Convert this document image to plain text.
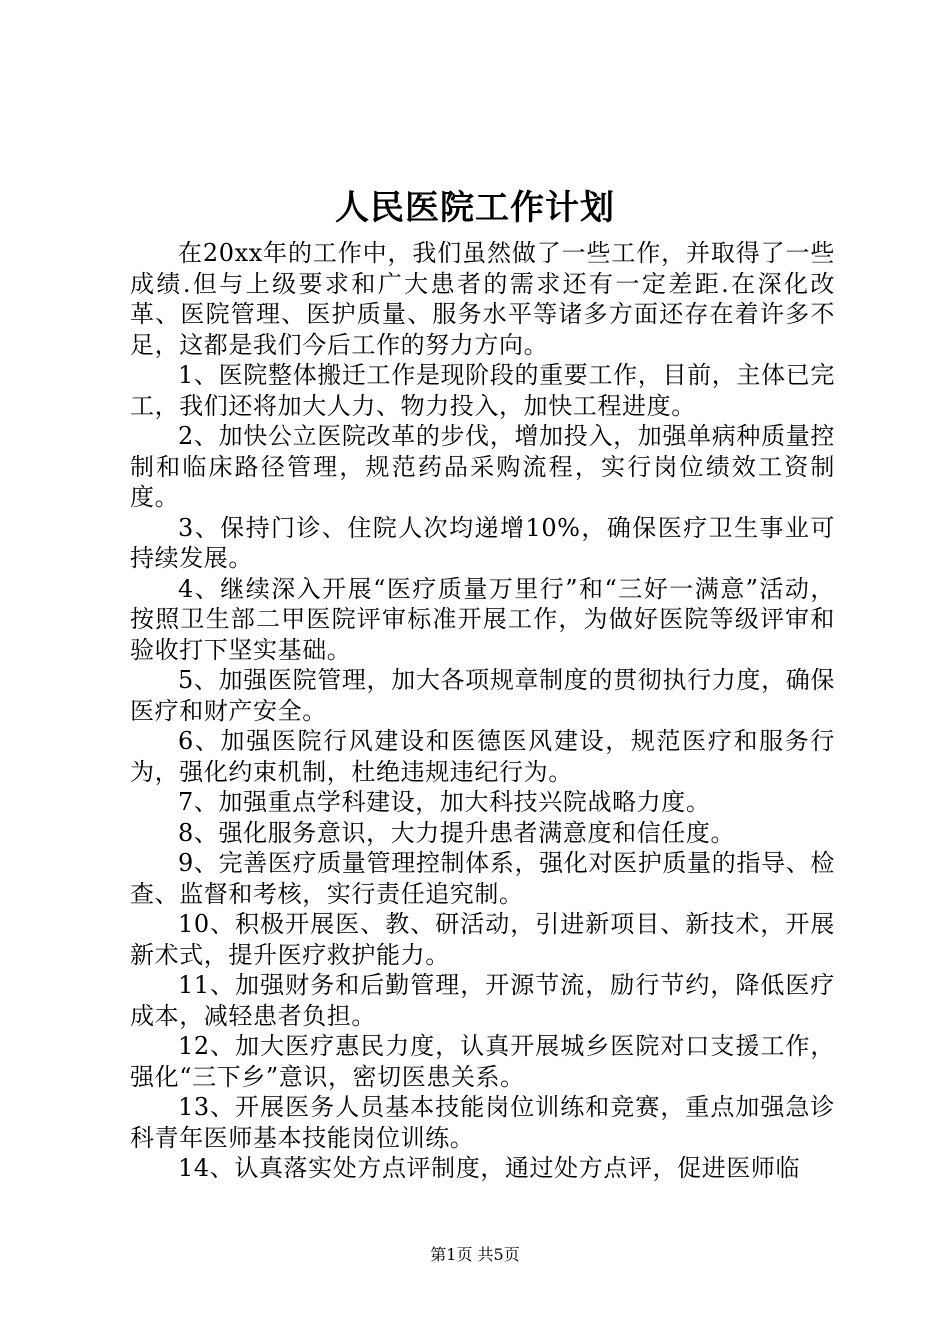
人民医院工作计划

在20xx年的工作中，我们虽然做了一些工作，并取得了一些成绩.但与上级要求和广大患者的需求还有一定差距.在深化改革、医院管理、医护质量、服务水平等诸多方面还存在着许多不足，这都是我们今后工作的努力方向。

1、医院整体搬迁工作是现阶段的重要工作，目前，主体已完工，我们还将加大人力、物力投入，加快工程进度。

2、加快公立医院改革的步伐，增加投入，加强单病种质量控制和临床路径管理，规范药品采购流程，实行岗位绩效工资制度。

3、保持门诊、住院人次均递增10%，确保医疗卫生事业可持续发展。

4、继续深入开展“医疗质量万里行”和“三好一满意”活动，按照卫生部二甲医院评审标准开展工作，为做好医院等级评审和验收打下坚实基础。

5、加强医院管理，加大各项规章制度的贯彻执行力度，确保医疗和财产安全。

6、加强医院行风建设和医德医风建设，规范医疗和服务行为，强化约束机制，杜绝违规违纪行为。

7、加强重点学科建设，加大科技兴院战略力度。

8、强化服务意识，大力提升患者满意度和信任度。

9、完善医疗质量管理控制体系，强化对医护质量的指导、检查、监督和考核，实行责任追究制。

10、积极开展医、教、研活动，引进新项目、新技术，开展新术式，提升医疗救护能力。

11、加强财务和后勤管理，开源节流，励行节约，降低医疗成本，减轻患者负担。

12、加大医疗惠民力度，认真开展城乡医院对口支援工作，强化“三下乡”意识，密切医患关系。

13、开展医务人员基本技能岗位训练和竞赛，重点加强急诊科青年医师基本技能岗位训练。

14、认真落实处方点评制度，通过处方点评，促进医师临

第1页 共5页
